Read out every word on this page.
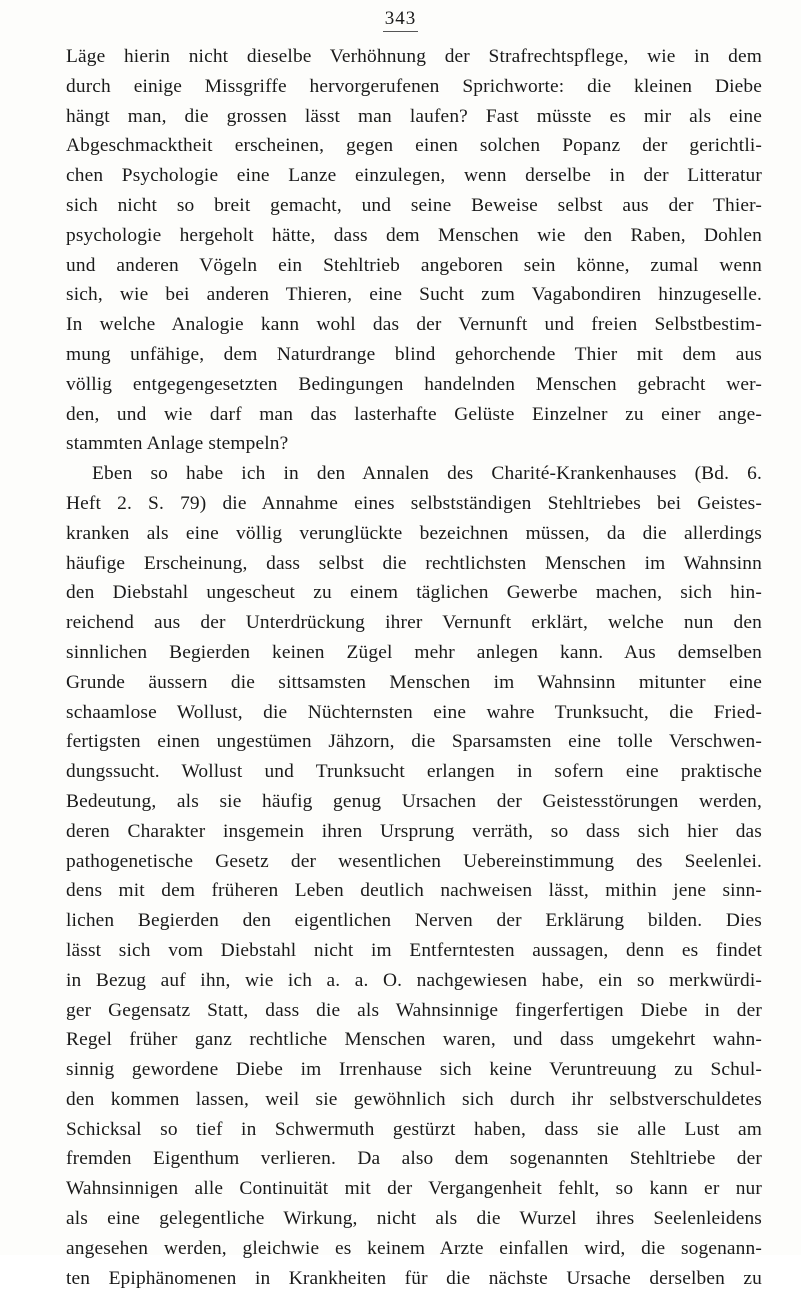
343
Läge hierin nicht dieselbe Verhöhnung der Strafrechtspflege, wie in dem
durch einige Missgriffe hervorgerufenen Sprichworte: die kleinen Diebe
hängt man, die grossen lässt man laufen? Fast müsste es mir als eine
Abgeschmacktheit erscheinen, gegen einen solchen Popanz der gerichtli-
chen Psychologie eine Lanze einzulegen, wenn derselbe in der Litteratur
sich nicht so breit gemacht, und seine Beweise selbst aus der Thier-
psychologie hergeholt hätte, dass dem Menschen wie den Raben, Dohlen
und anderen Vögeln ein Stehltrieb angeboren sein könne, zumal wenn
sich, wie bei anderen Thieren, eine Sucht zum Vagabondiren hinzugeselle.
In welche Analogie kann wohl das der Vernunft und freien Selbstbestim-
mung unfähige, dem Naturdrange blind gehorchende Thier mit dem aus
völlig entgegengesetzten Bedingungen handelnden Menschen gebracht wer-
den, und wie darf man das lasterhafte Gelüste Einzelner zu einer ange-
stammten Anlage stempeln?
Eben so habe ich in den Annalen des Charité-Krankenhauses (Bd. 6.
Heft 2. S. 79) die Annahme eines selbstständigen Stehltriebes bei Geistes-
kranken als eine völlig verunglückte bezeichnen müssen, da die allerdings
häufige Erscheinung, dass selbst die rechtlichsten Menschen im Wahnsinn
den Diebstahl ungescheut zu einem täglichen Gewerbe machen, sich hin-
reichend aus der Unterdrückung ihrer Vernunft erklärt, welche nun den
sinnlichen Begierden keinen Zügel mehr anlegen kann. Aus demselben
Grunde äussern die sittsamsten Menschen im Wahnsinn mitunter eine
schaamlose Wollust, die Nüchternsten eine wahre Trunksucht, die Fried-
fertigsten einen ungestümen Jähzorn, die Sparsamsten eine tolle Verschwen-
dungssucht. Wollust und Trunksucht erlangen in sofern eine praktische
Bedeutung, als sie häufig genug Ursachen der Geistesstörungen werden,
deren Charakter insgemein ihren Ursprung verräth, so dass sich hier das
pathogenetische Gesetz der wesentlichen Uebereinstimmung des Seelenlei.
dens mit dem früheren Leben deutlich nachweisen lässt, mithin jene sinn-
lichen Begierden den eigentlichen Nerven der Erklärung bilden. Dies
lässt sich vom Diebstahl nicht im Entferntesten aussagen, denn es findet
in Bezug auf ihn, wie ich a. a. O. nachgewiesen habe, ein so merkwürdi-
ger Gegensatz Statt, dass die als Wahnsinnige fingerfertigen Diebe in der
Regel früher ganz rechtliche Menschen waren, und dass umgekehrt wahn-
sinnig gewordene Diebe im Irrenhause sich keine Veruntreuung zu Schul-
den kommen lassen, weil sie gewöhnlich sich durch ihr selbstverschuldetes
Schicksal so tief in Schwermuth gestürzt haben, dass sie alle Lust am
fremden Eigenthum verlieren. Da also dem sogenannten Stehltriebe der
Wahnsinnigen alle Continuität mit der Vergangenheit fehlt, so kann er nur
als eine gelegentliche Wirkung, nicht als die Wurzel ihres Seelenleidens
angesehen werden, gleichwie es keinem Arzte einfallen wird, die sogenann-
ten Epiphänomenen in Krankheiten für die nächste Ursache derselben zu
